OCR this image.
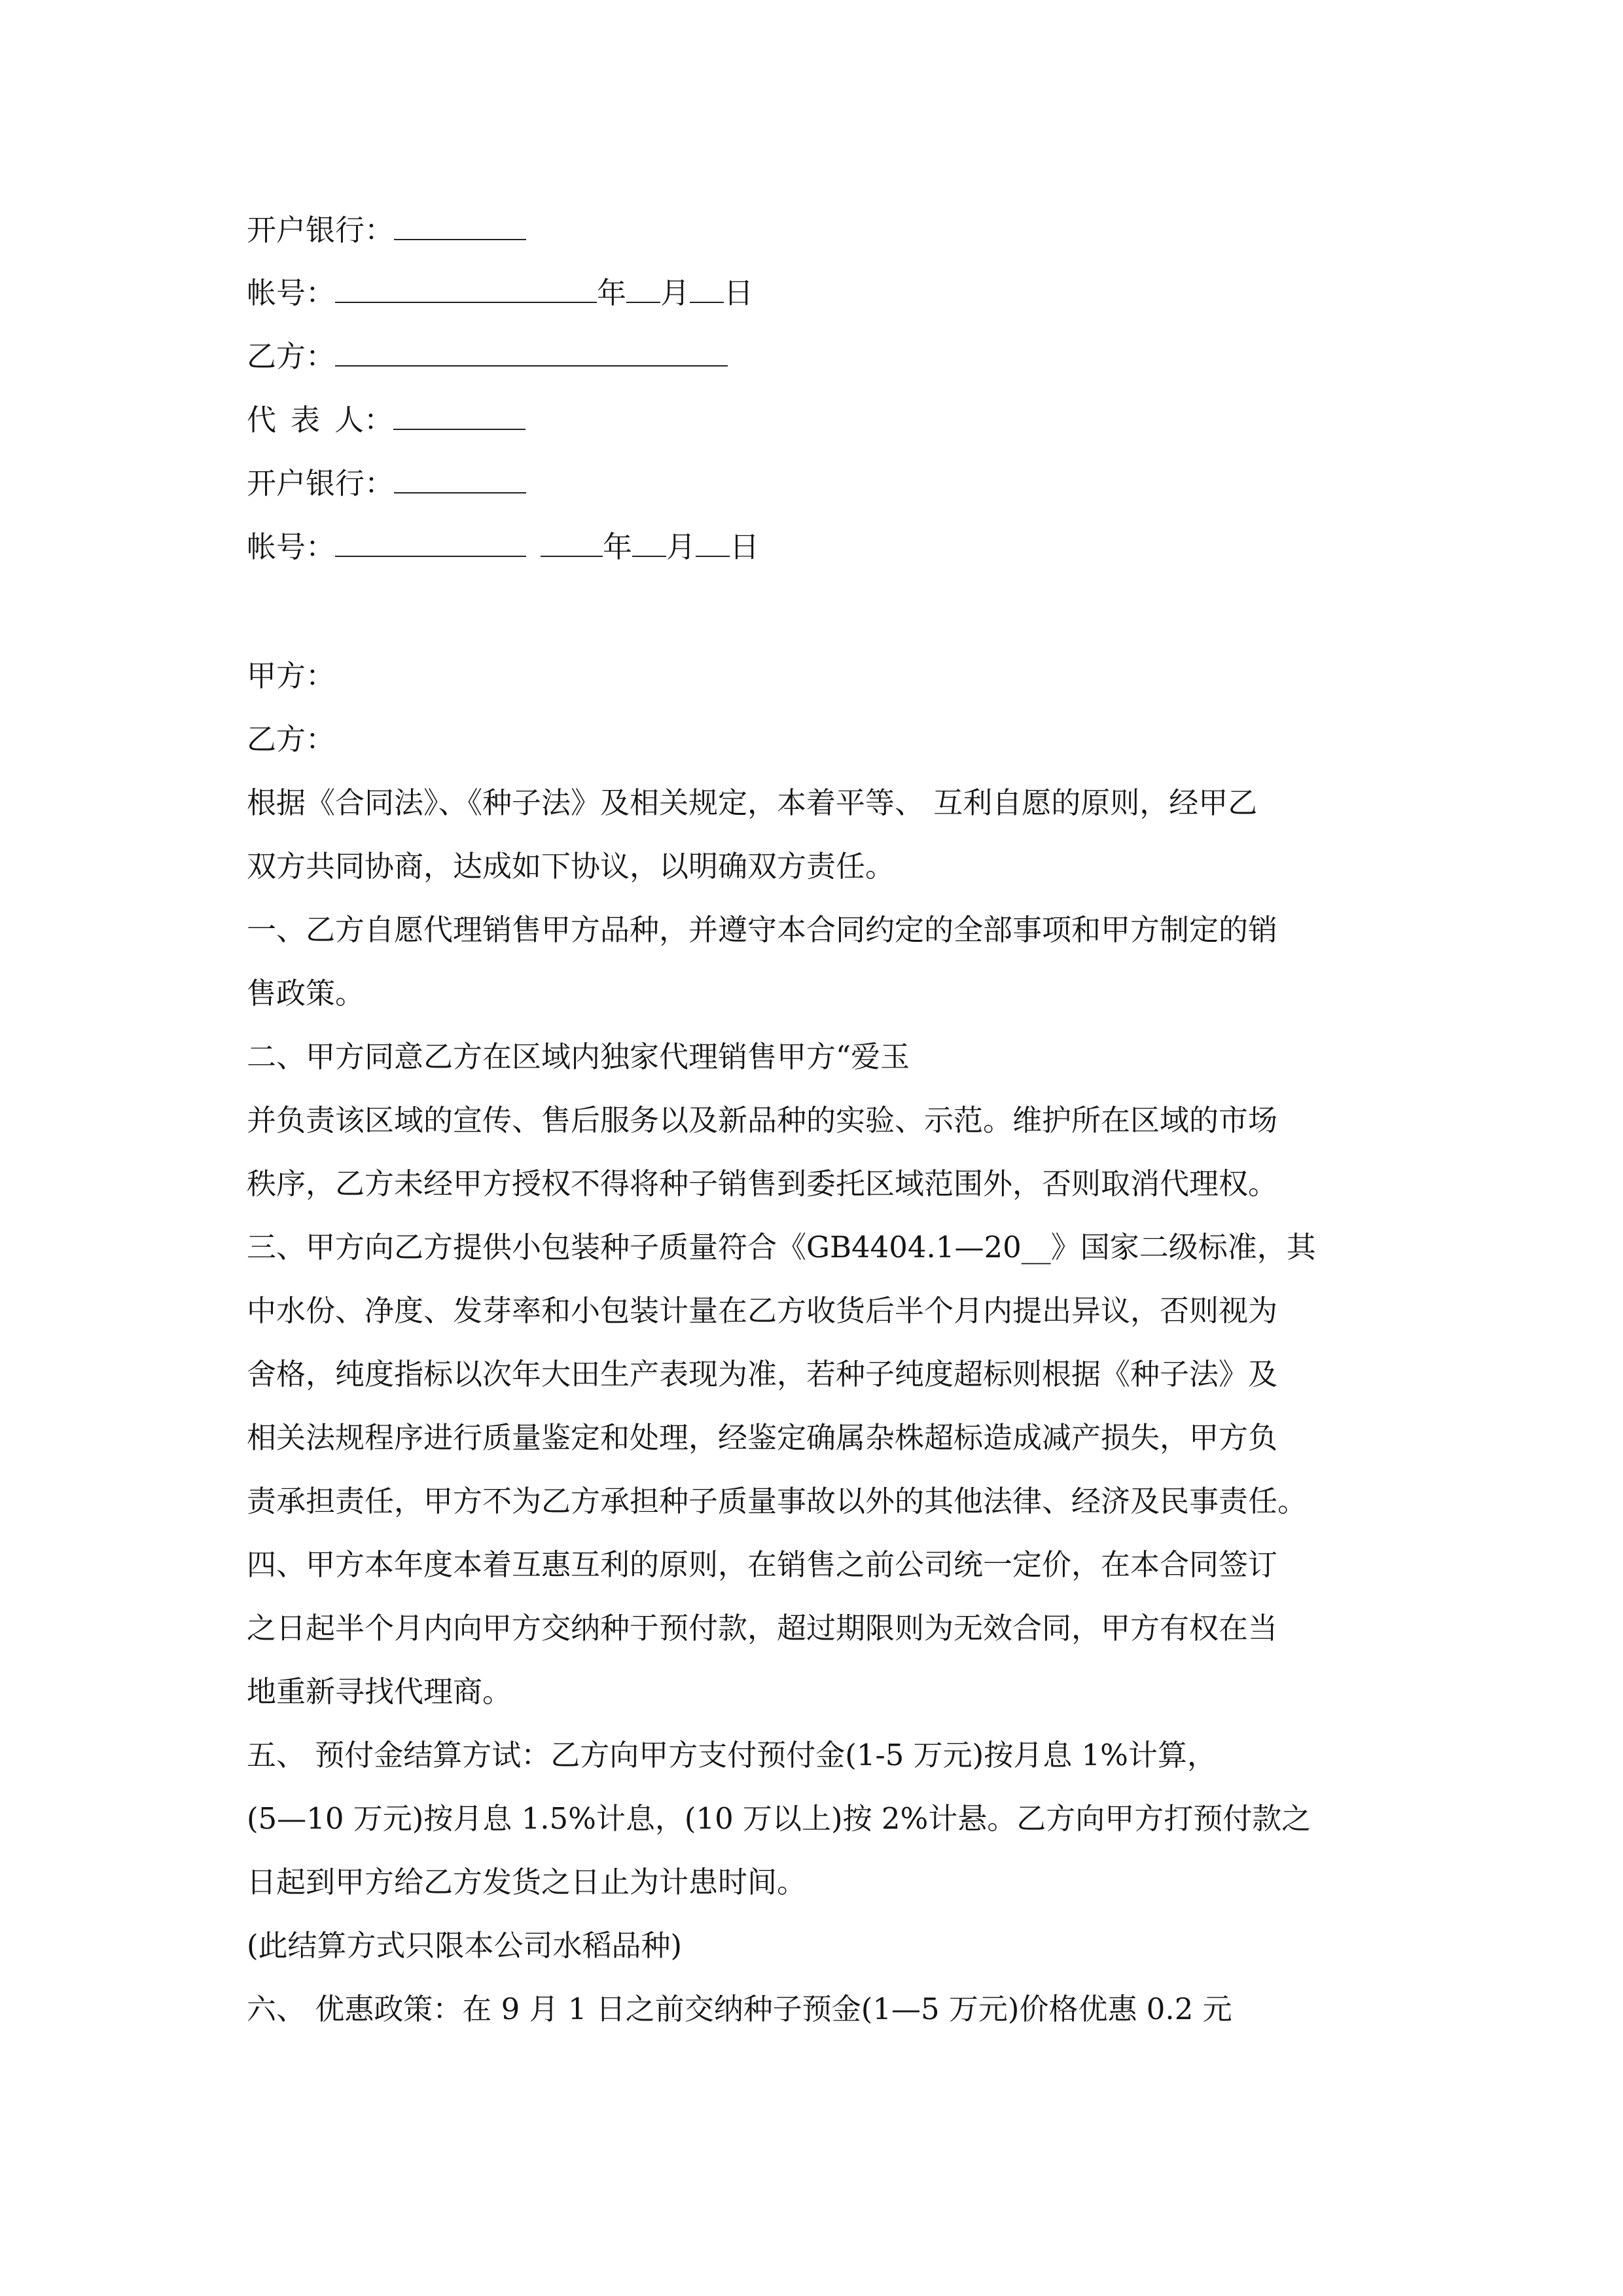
开户银行：
帐号：	年 月 日
乙方：
代 表 人：
开户银行：
帐号：	年 月 日
甲方：
乙方：
根据《合同法》、《种子法》及相关规定，本着平等、 互利自愿的原则，经甲乙
双方共同协商，达成如下协议，以明确双方责任。
一、乙方自愿代理销售甲方品种，并遵守本合同约定的全部事项和甲方制定的销
售政策。
二、甲方同意乙方在区域内独家代理销售甲方“爱玉
并负责该区域的宣传、售后服务以及新品种的实验、示范。维护所在区域的市场
秩序，乙方未经甲方授权不得将种子销售到委托区域范围外，否则取消代理权。
三、甲方向乙方提供小包装种子质量符合《GB4404.1—20__》国家二级标准，其
中水份、净度、发芽率和小包装计量在乙方收货后半个月内提出异议，否则视为
舍格，纯度指标以次年大田生产表现为准，若种子纯度超标则根据《种子法》及
相关法规程序进行质量鉴定和处理，经鉴定确属杂株超标造成减产损失，甲方负
责承担责任，甲方不为乙方承担种子质量事故以外的其他法律、经济及民事责任。
四、甲方本年度本着互惠互利的原则，在销售之前公司统一定价，在本合同签订
之日起半个月内向甲方交纳种于预付款，超过期限则为无效合同，甲方有权在当
地重新寻找代理商。
五、 预付金结算方试：乙方向甲方支付预付金(1-5 万元)按月息 1%计算，
(5—10 万元)按月息 1.5%计息，(10 万以上)按 2%计悬。乙方向甲方打预付款之
日起到甲方给乙方发货之日止为计患时间。
(此结算方式只限本公司水稻品种)
六、 优惠政策：在 9 月 1 日之前交纳种子预金(1—5 万元)价格优惠 0.2 元
